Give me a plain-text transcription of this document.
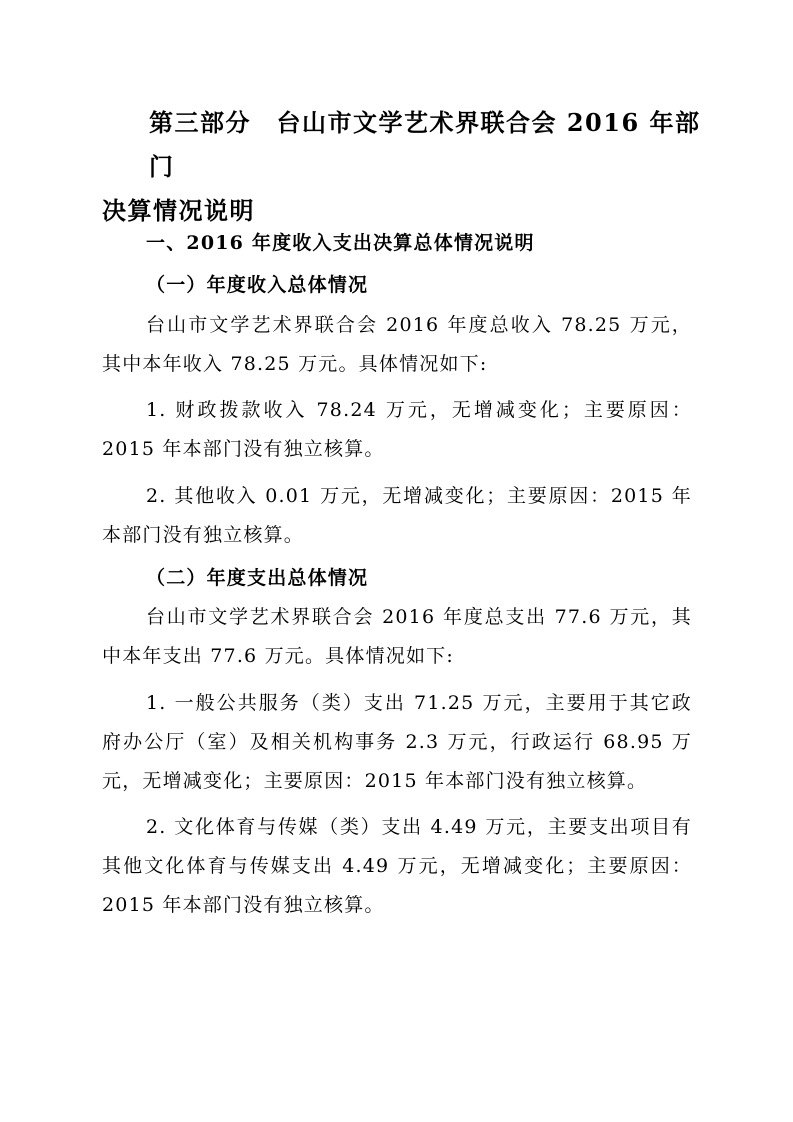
第三部分　台山市文学艺术界联合会 2016 年部门
决算情况说明

一、2016 年度收入支出决算总体情况说明

（一）年度收入总体情况

台山市文学艺术界联合会 2016 年度总收入 78.25 万元，其中本年收入 78.25 万元。具体情况如下:

1. 财政拨款收入 78.24 万元，无增减变化；主要原因：2015 年本部门没有独立核算。

2. 其他收入 0.01 万元，无增减变化；主要原因：2015 年 本部门没有独立核算。

（二）年度支出总体情况

台山市文学艺术界联合会 2016 年度总支出 77.6 万元，其中本年支出 77.6 万元。具体情况如下:

1. 一般公共服务（类）支出 71.25 万元，主要用于其它政府办公厅（室）及相关机构事务 2.3 万元，行政运行 68.95 万元，无增减变化；主要原因：2015 年本部门没有独立核算。

2. 文化体育与传媒（类）支出 4.49 万元，主要支出项目有其他文化体育与传媒支出 4.49 万元，无增减变化；主要原因：2015 年本部门没有独立核算。
